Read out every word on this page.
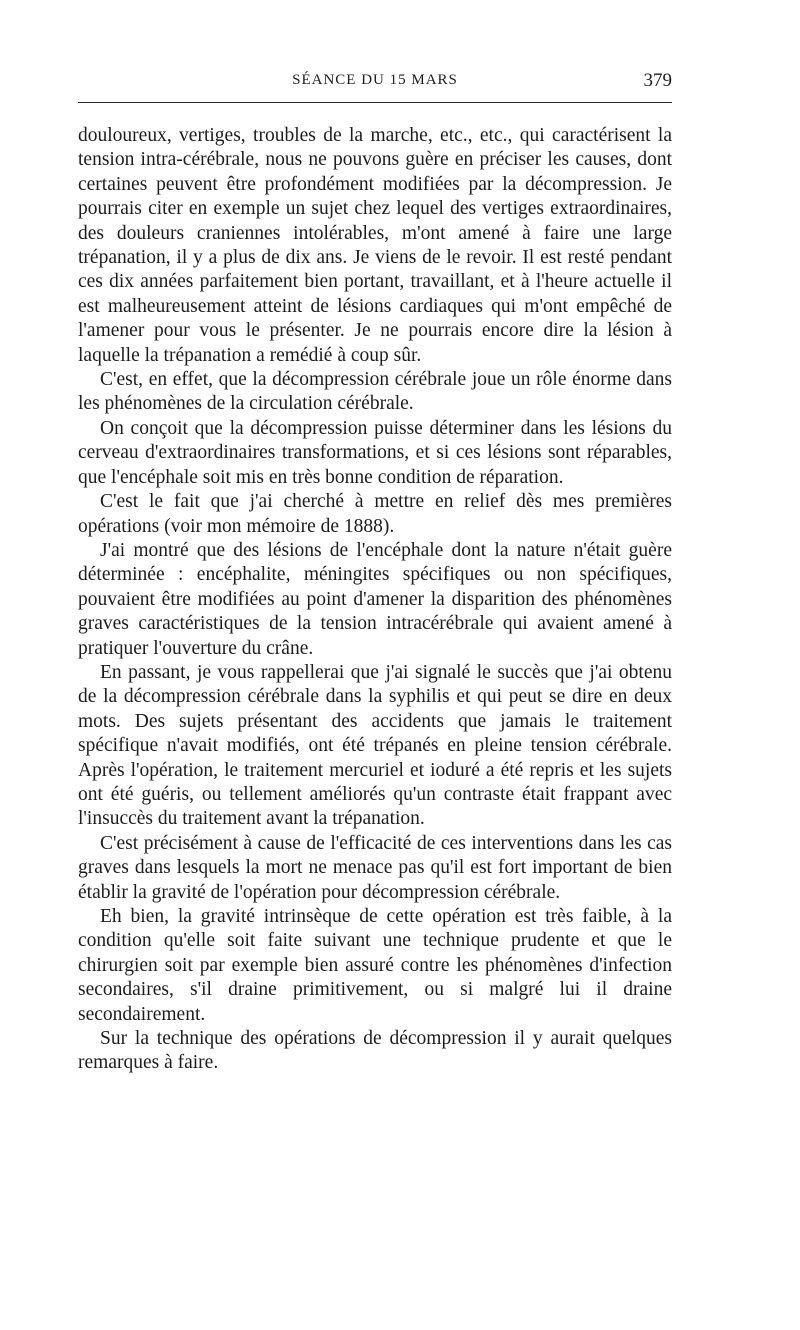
SÉANCE DU 15 MARS	379

douloureux, vertiges, troubles de la marche, etc., etc., qui caractérisent la tension intra-cérébrale, nous ne pouvons guère en préciser les causes, dont certaines peuvent être profondément modifiées par la décompression. Je pourrais citer en exemple un sujet chez lequel des vertiges extraordinaires, des douleurs craniennes intolérables, m'ont amené à faire une large trépanation, il y a plus de dix ans. Je viens de le revoir. Il est resté pendant ces dix années parfaitement bien portant, travaillant, et à l'heure actuelle il est malheureusement atteint de lésions cardiaques qui m'ont empêché de l'amener pour vous le présenter. Je ne pourrais encore dire la lésion à laquelle la trépanation a remédié à coup sûr.

C'est, en effet, que la décompression cérébrale joue un rôle énorme dans les phénomènes de la circulation cérébrale.

On conçoit que la décompression puisse déterminer dans les lésions du cerveau d'extraordinaires transformations, et si ces lésions sont réparables, que l'encéphale soit mis en très bonne condition de réparation.

C'est le fait que j'ai cherché à mettre en relief dès mes premières opérations (voir mon mémoire de 1888).

J'ai montré que des lésions de l'encéphale dont la nature n'était guère déterminée : encéphalite, méningites spécifiques ou non spécifiques, pouvaient être modifiées au point d'amener la disparition des phénomènes graves caractéristiques de la tension intracérébrale qui avaient amené à pratiquer l'ouverture du crâne.

En passant, je vous rappellerai que j'ai signalé le succès que j'ai obtenu de la décompression cérébrale dans la syphilis et qui peut se dire en deux mots. Des sujets présentant des accidents que jamais le traitement spécifique n'avait modifiés, ont été trépanés en pleine tension cérébrale. Après l'opération, le traitement mercuriel et ioduré a été repris et les sujets ont été guéris, ou tellement améliorés qu'un contraste était frappant avec l'insuccès du traitement avant la trépanation.

C'est précisément à cause de l'efficacité de ces interventions dans les cas graves dans lesquels la mort ne menace pas qu'il est fort important de bien établir la gravité de l'opération pour décompression cérébrale.

Eh bien, la gravité intrinsèque de cette opération est très faible, à la condition qu'elle soit faite suivant une technique prudente et que le chirurgien soit par exemple bien assuré contre les phénomènes d'infection secondaires, s'il draine primitivement, ou si malgré lui il draine secondairement.

Sur la technique des opérations de décompression il y aurait quelques remarques à faire.
